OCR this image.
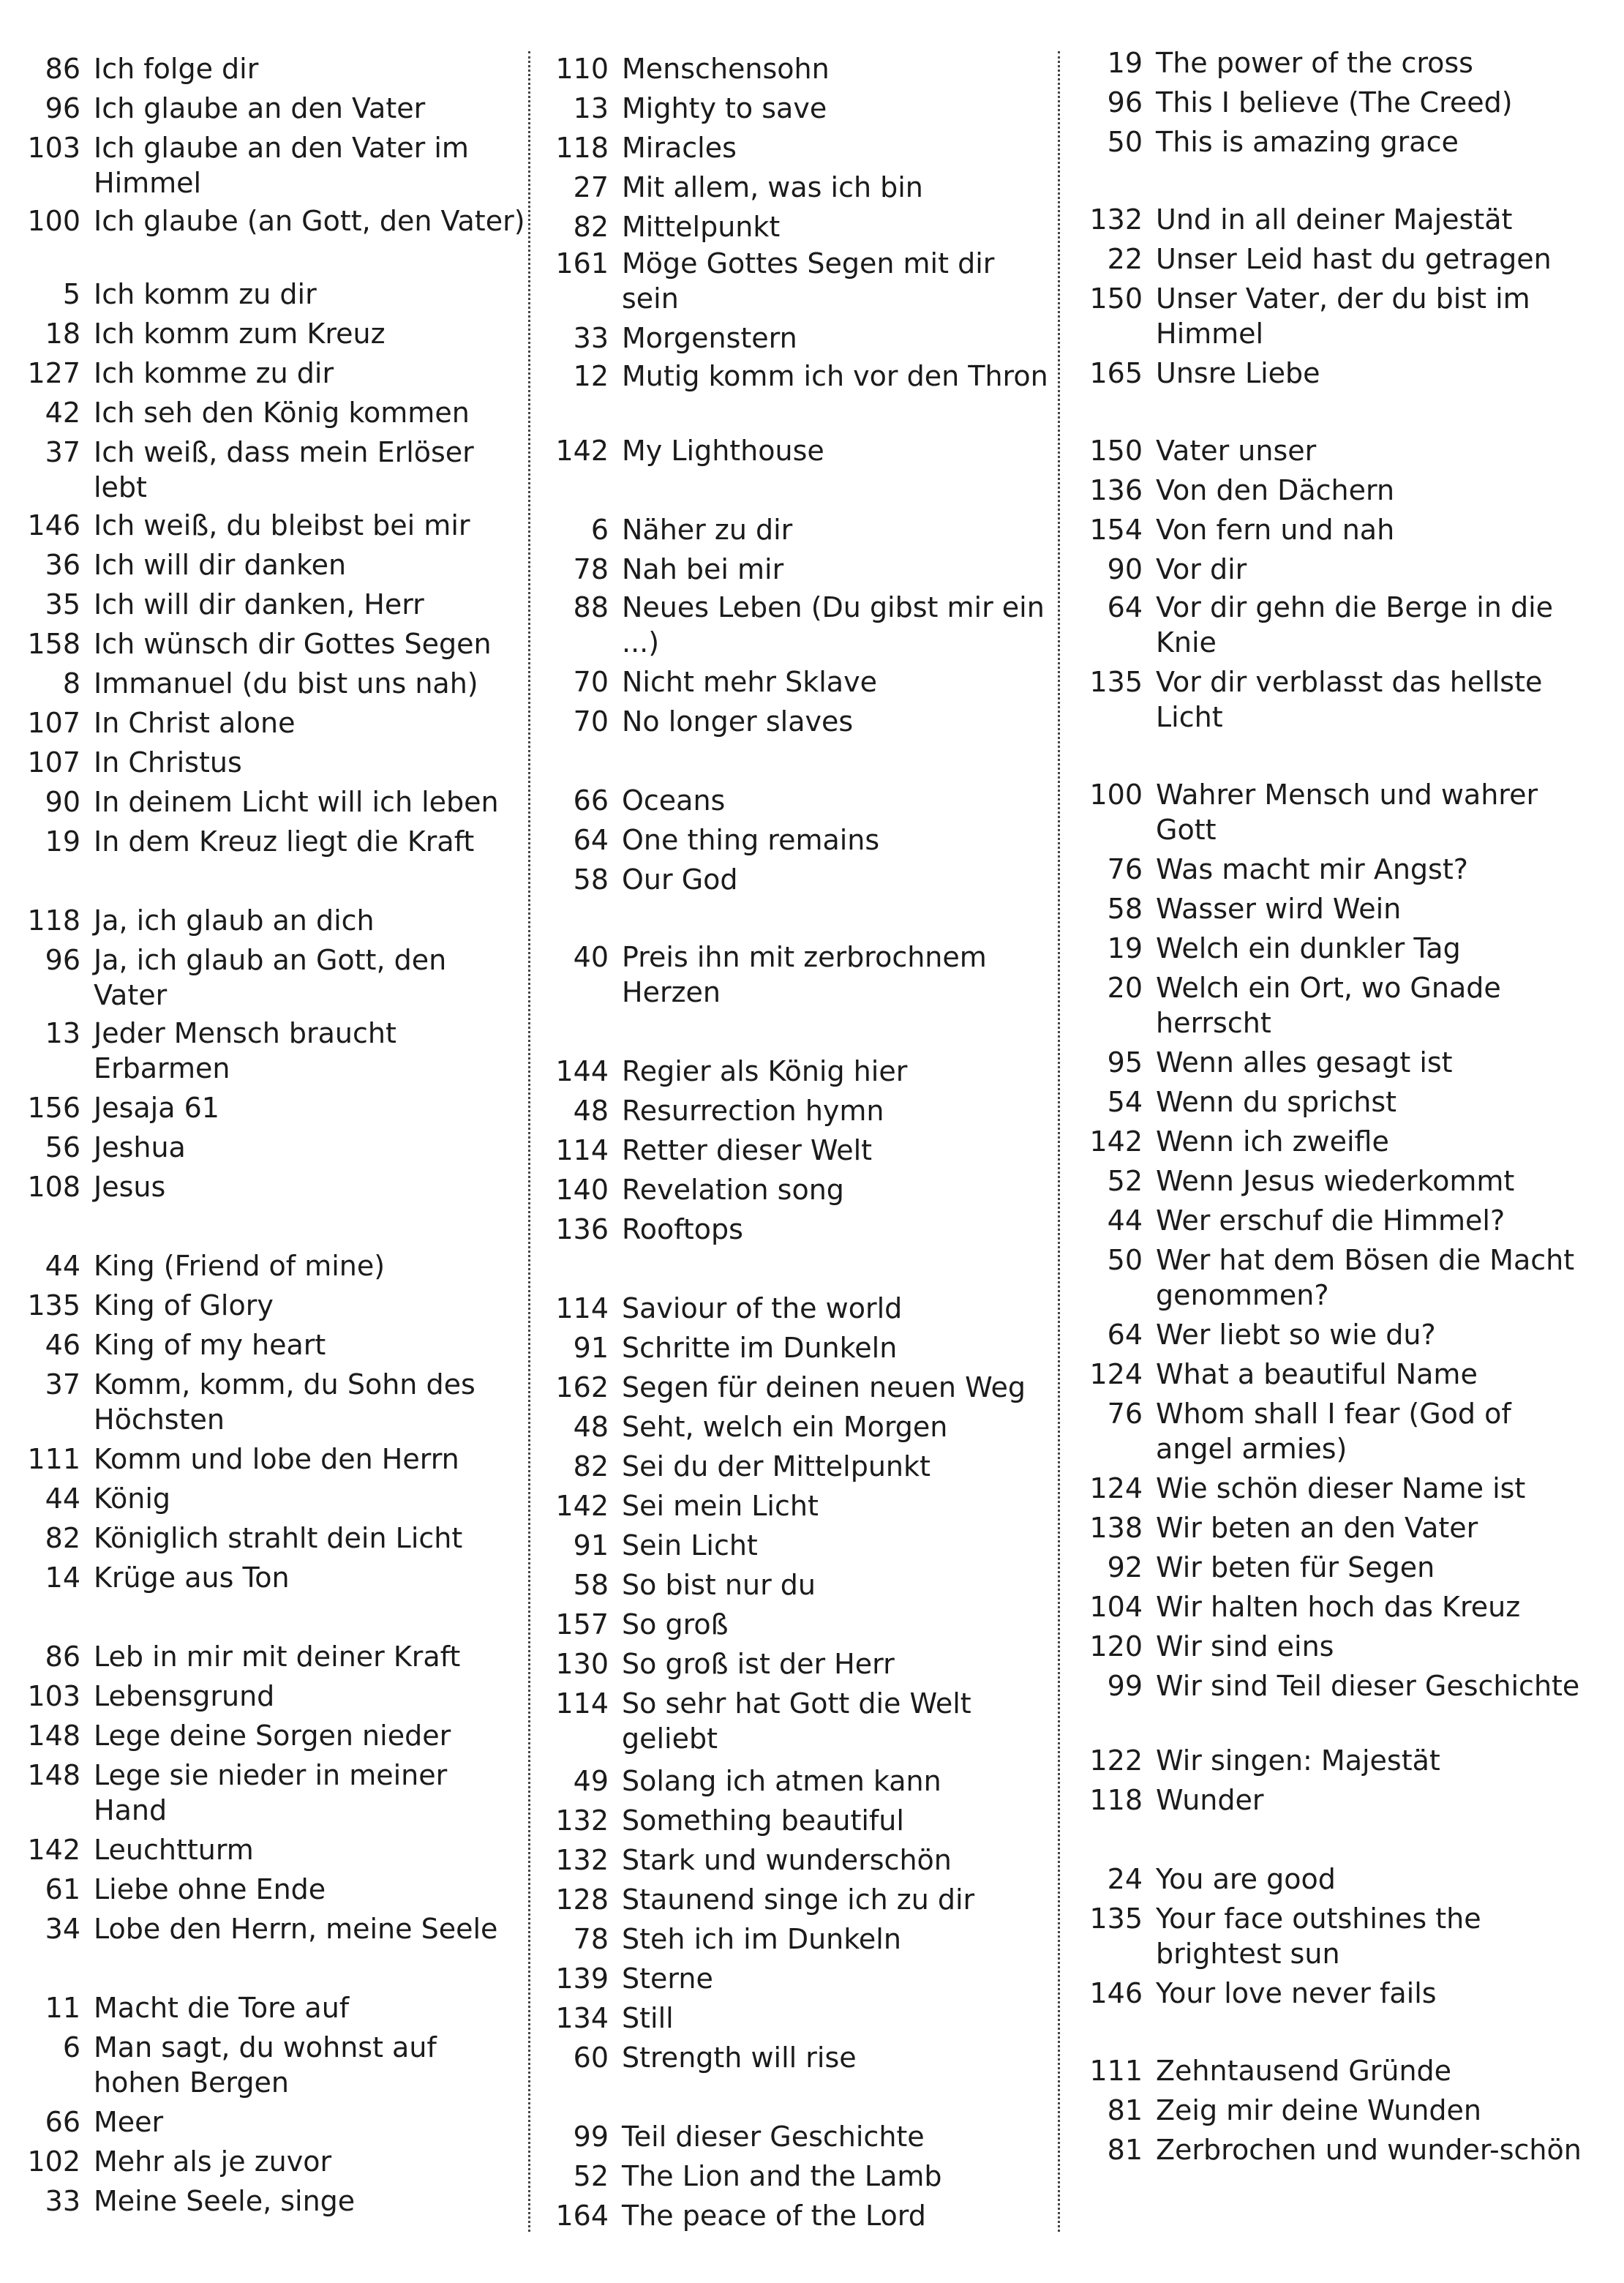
86 Ich folge dir
96 Ich glaube an den Vater
103 Ich glaube an den Vater im Himmel
100 Ich glaube (an Gott, den Vater)
5 Ich komm zu dir
18 Ich komm zum Kreuz
127 Ich komme zu dir
42 Ich seh den König kommen
37 Ich weiß, dass mein Erlöser lebt
146 Ich weiß, du bleibst bei mir
36 Ich will dir danken
35 Ich will dir danken, Herr
158 Ich wünsch dir Gottes Segen
8 Immanuel (du bist uns nah)
107 In Christ alone
107 In Christus
90 In deinem Licht will ich leben
19 In dem Kreuz liegt die Kraft
118 Ja, ich glaub an dich
96 Ja, ich glaub an Gott, den Vater
13 Jeder Mensch braucht Erbarmen
156 Jesaja 61
56 Jeshua
108 Jesus
44 King (Friend of mine)
135 King of Glory
46 King of my heart
37 Komm, komm, du Sohn des Höchsten
111 Komm und lobe den Herrn
44 König
82 Königlich strahlt dein Licht
14 Krüge aus Ton
86 Leb in mir mit deiner Kraft
103 Lebensgrund
148 Lege deine Sorgen nieder
148 Lege sie nieder in meiner Hand
142 Leuchtturm
61 Liebe ohne Ende
34 Lobe den Herrn, meine Seele
11 Macht die Tore auf
6 Man sagt, du wohnst auf hohen Bergen
66 Meer
102 Mehr als je zuvor
33 Meine Seele, singe
110 Menschensohn
13 Mighty to save
118 Miracles
27 Mit allem, was ich bin
82 Mittelpunkt
161 Möge Gottes Segen mit dir sein
33 Morgenstern
12 Mutig komm ich vor den Thron
142 My Lighthouse
6 Näher zu dir
78 Nah bei mir
88 Neues Leben (Du gibst mir ein ...)
70 Nicht mehr Sklave
70 No longer slaves
66 Oceans
64 One thing remains
58 Our God
40 Preis ihn mit zerbrochnem Herzen
144 Regier als König hier
48 Resurrection hymn
114 Retter dieser Welt
140 Revelation song
136 Rooftops
114 Saviour of the world
91 Schritte im Dunkeln
162 Segen für deinen neuen Weg
48 Seht, welch ein Morgen
82 Sei du der Mittelpunkt
142 Sei mein Licht
91 Sein Licht
58 So bist nur du
157 So groß
130 So groß ist der Herr
114 So sehr hat Gott die Welt geliebt
49 Solang ich atmen kann
132 Something beautiful
132 Stark und wunderschön
128 Staunend singe ich zu dir
78 Steh ich im Dunkeln
139 Sterne
134 Still
60 Strength will rise
99 Teil dieser Geschichte
52 The Lion and the Lamb
164 The peace of the Lord
19 The power of the cross
96 This I believe (The Creed)
50 This is amazing grace
132 Und in all deiner Majestät
22 Unser Leid hast du getragen
150 Unser Vater, der du bist im Himmel
165 Unsre Liebe
150 Vater unser
136 Von den Dächern
154 Von fern und nah
90 Vor dir
64 Vor dir gehn die Berge in die Knie
135 Vor dir verblasst das hellste Licht
100 Wahrer Mensch und wahrer Gott
76 Was macht mir Angst?
58 Wasser wird Wein
19 Welch ein dunkler Tag
20 Welch ein Ort, wo Gnade herrscht
95 Wenn alles gesagt ist
54 Wenn du sprichst
142 Wenn ich zweifle
52 Wenn Jesus wiederkommt
44 Wer erschuf die Himmel?
50 Wer hat dem Bösen die Macht genommen?
64 Wer liebt so wie du?
124 What a beautiful Name
76 Whom shall I fear (God of angel armies)
124 Wie schön dieser Name ist
138 Wir beten an den Vater
92 Wir beten für Segen
104 Wir halten hoch das Kreuz
120 Wir sind eins
99 Wir sind Teil dieser Geschichte
122 Wir singen: Majestät
118 Wunder
24 You are good
135 Your face outshines the brightest sun
146 Your love never fails
111 Zehntausend Gründe
81 Zeig mir deine Wunden
81 Zerbrochen und wunder-schön
